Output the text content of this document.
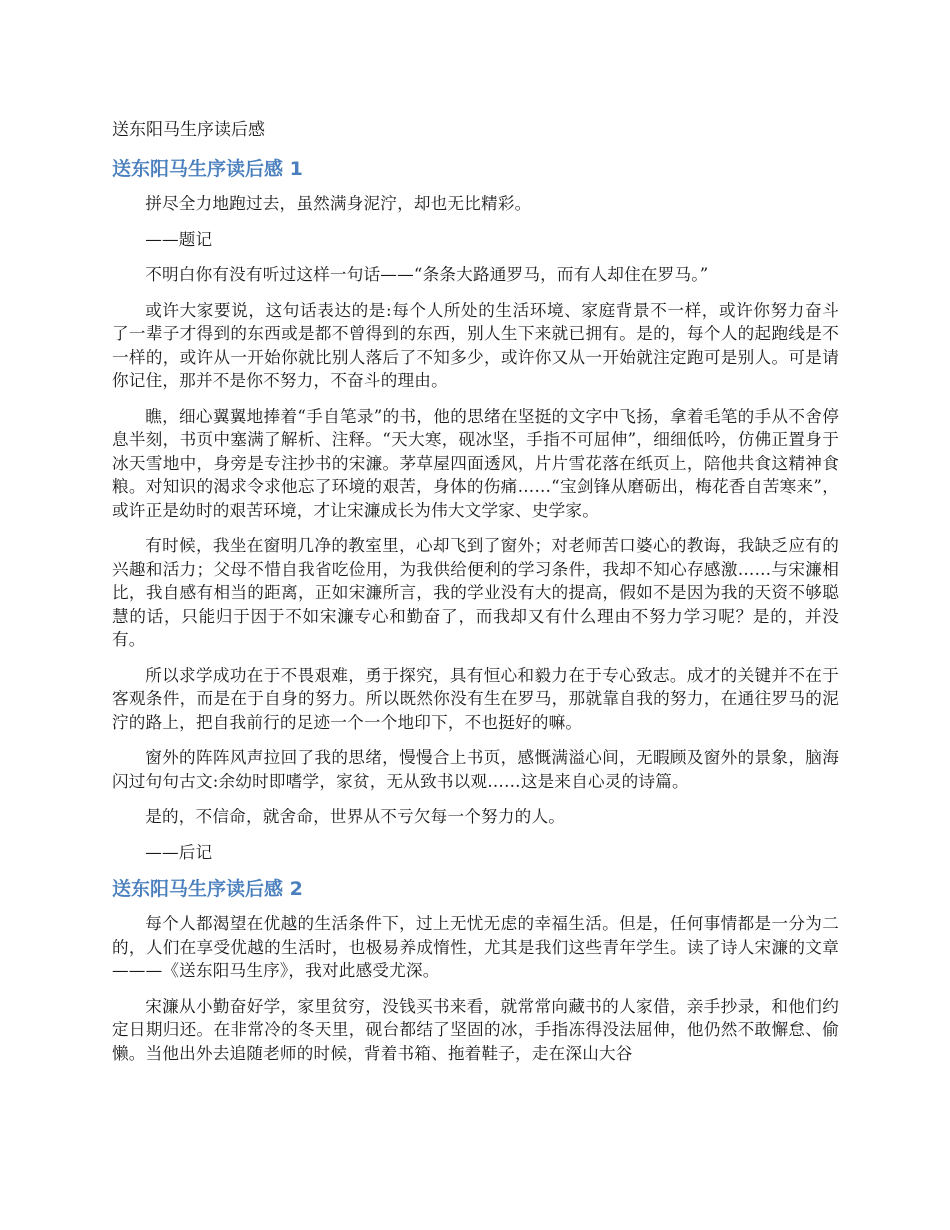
送东阳马生序读后感
送东阳马生序读后感 1

拼尽全力地跑过去，虽然满身泥泞，却也无比精彩。

——题记

不明白你有没有听过这样一句话——“条条大路通罗马，而有人却住在罗马。”

或许大家要说，这句话表达的是:每个人所处的生活环境、家庭背景不一样，或许你努力奋斗了一辈子才得到的东西或是都不曾得到的东西，别人生下来就已拥有。是的，每个人的起跑线是不一样的，或许从一开始你就比别人落后了不知多少，或许你又从一开始就注定跑可是别人。可是请你记住，那并不是你不努力，不奋斗的理由。

瞧，细心翼翼地捧着“手自笔录”的书，他的思绪在坚挺的文字中飞扬，拿着毛笔的手从不舍停息半刻，书页中塞满了解析、注释。“天大寒，砚冰坚，手指不可屈伸”，细细低吟，仿佛正置身于冰天雪地中，身旁是专注抄书的宋濂。茅草屋四面透风，片片雪花落在纸页上，陪他共食这精神食粮。对知识的渴求令求他忘了环境的艰苦，身体的伤痛……“宝剑锋从磨砺出，梅花香自苦寒来”，或许正是幼时的艰苦环境，才让宋濂成长为伟大文学家、史学家。

有时候，我坐在窗明几净的教室里，心却飞到了窗外；对老师苦口婆心的教诲，我缺乏应有的兴趣和活力；父母不惜自我省吃俭用，为我供给便利的学习条件，我却不知心存感激……与宋濂相比，我自感有相当的距离，正如宋濂所言，我的学业没有大的提高，假如不是因为我的天资不够聪慧的话，只能归于因于不如宋濂专心和勤奋了，而我却又有什么理由不努力学习呢？是的，并没有。

所以求学成功在于不畏艰难，勇于探究，具有恒心和毅力在于专心致志。成才的关键并不在于客观条件，而是在于自身的努力。所以既然你没有生在罗马，那就靠自我的努力，在通往罗马的泥泞的路上，把自我前行的足迹一个一个地印下，不也挺好的嘛。

窗外的阵阵风声拉回了我的思绪，慢慢合上书页，感慨满溢心间，无暇顾及窗外的景象，脑海闪过句句古文:余幼时即嗜学，家贫，无从致书以观……这是来自心灵的诗篇。

是的，不信命，就舍命，世界从不亏欠每一个努力的人。

——后记

送东阳马生序读后感 2

每个人都渴望在优越的生活条件下，过上无忧无虑的幸福生活。但是，任何事情都是一分为二的，人们在享受优越的生活时，也极易养成惰性，尤其是我们这些青年学生。读了诗人宋濂的文章———《送东阳马生序》，我对此感受尤深。

宋濂从小勤奋好学，家里贫穷，没钱买书来看，就常常向藏书的人家借，亲手抄录，和他们约定日期归还。在非常冷的冬天里，砚台都结了坚固的冰，手指冻得没法屈伸，他仍然不敢懈怠、偷懒。当他出外去追随老师的时候，背着书箱、拖着鞋子，走在深山大谷
